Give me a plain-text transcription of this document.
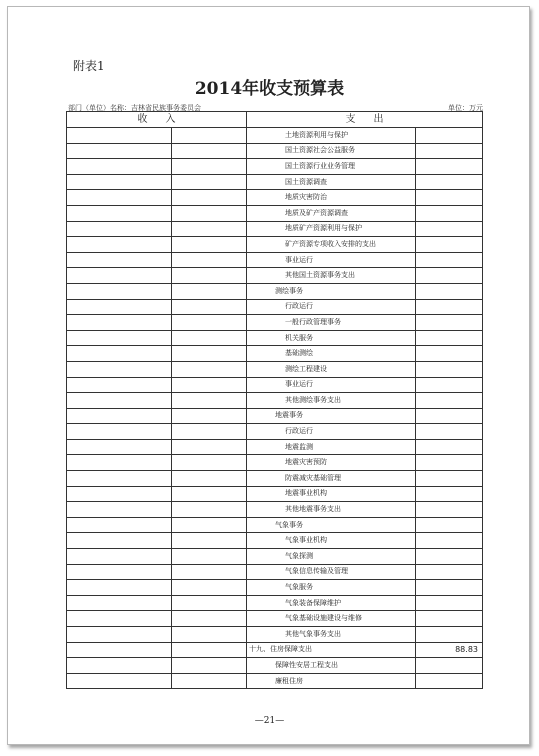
附表1
2014年收支预算表
部门（单位）名称：吉林省民族事务委员会	单位：万元
收入		支出	
		土地资源利用与保护	
		国土资源社会公益服务	
		国土资源行业业务管理	
		国土资源调查	
		地质灾害防治	
		地质及矿产资源调查	
		地质矿产资源利用与保护	
		矿产资源专项收入安排的支出	
		事业运行	
		其他国土资源事务支出	
		测绘事务	
		行政运行	
		一般行政管理事务	
		机关服务	
		基础测绘	
		测绘工程建设	
		事业运行	
		其他测绘事务支出	
		地震事务	
		行政运行	
		地震监测	
		地震灾害预防	
		防震减灾基础管理	
		地震事业机构	
		其他地震事务支出	
		气象事务	
		气象事业机构	
		气象探测	
		气象信息传输及管理	
		气象服务	
		气象装备保障维护	
		气象基础设施建设与维修	
		其他气象事务支出	
		十九、住房保障支出	88.83
		保障性安居工程支出	
		廉租住房	
—21—
